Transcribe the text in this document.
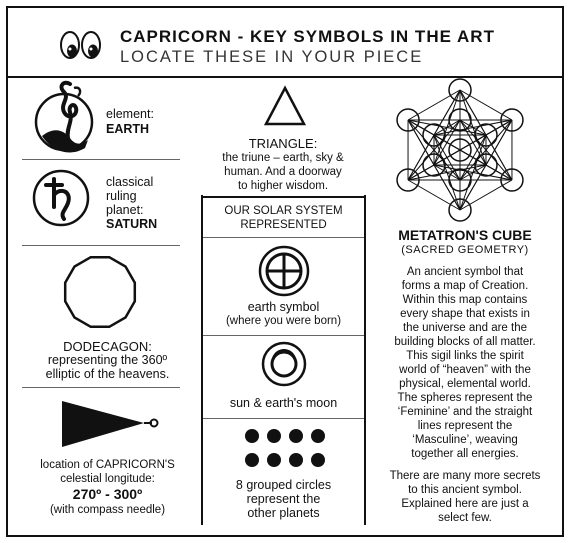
CAPRICORN - KEY SYMBOLS IN THE ART
LOCATE THESE IN YOUR PIECE
element:
EARTH
classical
ruling
planet:
SATURN
DODECAGON:
representing the 360º
elliptic of the heavens.
location of CAPRICORN'S
celestial longitude:
270º - 300º
(with compass needle)
TRIANGLE:
the triune – earth, sky &
human. And a doorway
to higher wisdom.
OUR SOLAR SYSTEM
REPRESENTED
earth symbol
(where you were born)
sun & earth's moon
8 grouped circles
represent the
other planets
METATRON'S CUBE
(SACRED GEOMETRY)
An ancient symbol that
forms a map of Creation.
Within this map contains
every shape that exists in
the universe and are the
building blocks of all matter.
This sigil links the spirit
world of “heaven” with the
physical, elemental world.
The spheres represent the
‘Feminine’ and the straight
lines represent the
‘Masculine’, weaving
together all energies.
There are many more secrets
to this ancient symbol.
Explained here are just a
select few.
